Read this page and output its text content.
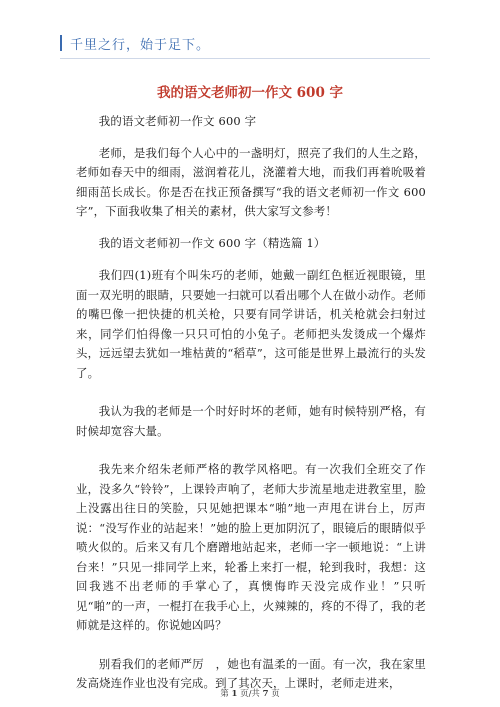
千里之行，始于足下。
我的语文老师初一作文 600 字

我的语文老师初一作文 600 字

老师，是我们每个人心中的一盏明灯，照亮了我们的人生之路，老师如春天中的细雨，滋润着花儿，浇灌着大地，而我们再着吮吸着细雨茁长成长。你是否在找正预备撰写“我的语文老师初一作文 600 字”，下面我收集了相关的素材，供大家写文参考！

我的语文老师初一作文 600 字（精选篇 1）

我们四(1)班有个叫朱巧的老师，她戴一副红色框近视眼镜，里面一双光明的眼睛，只要她一扫就可以看出哪个人在做小动作。老师的嘴巴像一把快捷的机关枪，只要有同学讲话，机关枪就会扫射过来，同学们怕得像一只只可怕的小兔子。老师把头发烫成一个爆炸头，远远望去犹如一堆枯黄的“稻草”，这可能是世界上最流行的头发了。

我认为我的老师是一个时好时坏的老师，她有时候特别严格，有时候却宽容大量。

我先来介绍朱老师严格的教学风格吧。有一次我们全班交了作业，没多久“铃铃”，上课铃声响了，老师大步流星地走进教室里，脸上没露出往日的笑脸，只见她把课本“啪”地一声甩在讲台上，厉声说：“没写作业的站起来！”她的脸上更加阴沉了，眼镜后的眼睛似乎喷火似的。后来又有几个磨蹭地站起来，老师一字一顿地说：“上讲台来！”只见一排同学上来，轮番上来打一棍，轮到我时，我想：这回我逃不出老师的手掌心了，真懊悔昨天没完成作业！”只听见“啪”的一声，一棍打在我手心上，火辣辣的，疼的不得了，我的老师就是这样的。你说她凶吗？

别看我们的老师严厉　，她也有温柔的一面。有一次，我在家里发高烧连作业也没有完成。到了其次天，上课时，老师走进来，

第 1 页/共 7 页
